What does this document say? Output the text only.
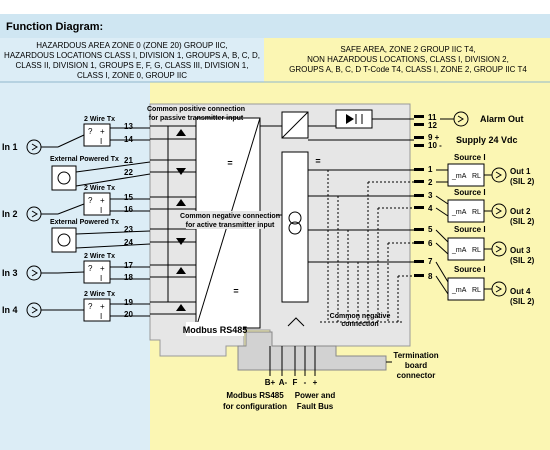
Function Diagram:
HAZARDOUS AREA ZONE 0 (ZONE 20) GROUP IIC,
HAZARDOUS LOCATIONS CLASS I, DIVISION 1, GROUPS A, B, C, D,
CLASS II, DIVISION 1, GROUPS E, F, G, CLASS III, DIVISION 1,
CLASS I, ZONE 0, GROUP IIC
SAFE AREA, ZONE 2 GROUP IIC T4,
NON HAZARDOUS LOCATIONS, CLASS I, DIVISION 2,
GROUPS A, B, C, D T-Code T4, CLASS I, ZONE 2, GROUP IIC T4
=
=
=
In 1
2 Wire Tx
? +
I
External Powered Tx
13
14
21
22
In 2
2 Wire Tx
? +
I
External Powered Tx
15
16
23
24
In 3
2 Wire Tx
? +
I
17
18
In 4
2 Wire Tx
? +
I
19
20
Common positive connection
for passive transmitter input
Common negative connection
for active transmitter input
Common negative
connection
Modbus RS485
11
12
Alarm Out
9 +
10 -
Supply 24 Vdc
Source I
1
2
_mA RL
Out 1
(SIL 2)
Source I
3
4	_mA RL	Out 2
(SIL 2)
Source I
5
6
_mA RL	Out 3
(SIL 2)
Source I
7
8
_mA RL	Out 4
(SIL 2)
B+ A- F - +
Modbus RS485
for configuration
Power and
Fault Bus
Termination
board
connector
